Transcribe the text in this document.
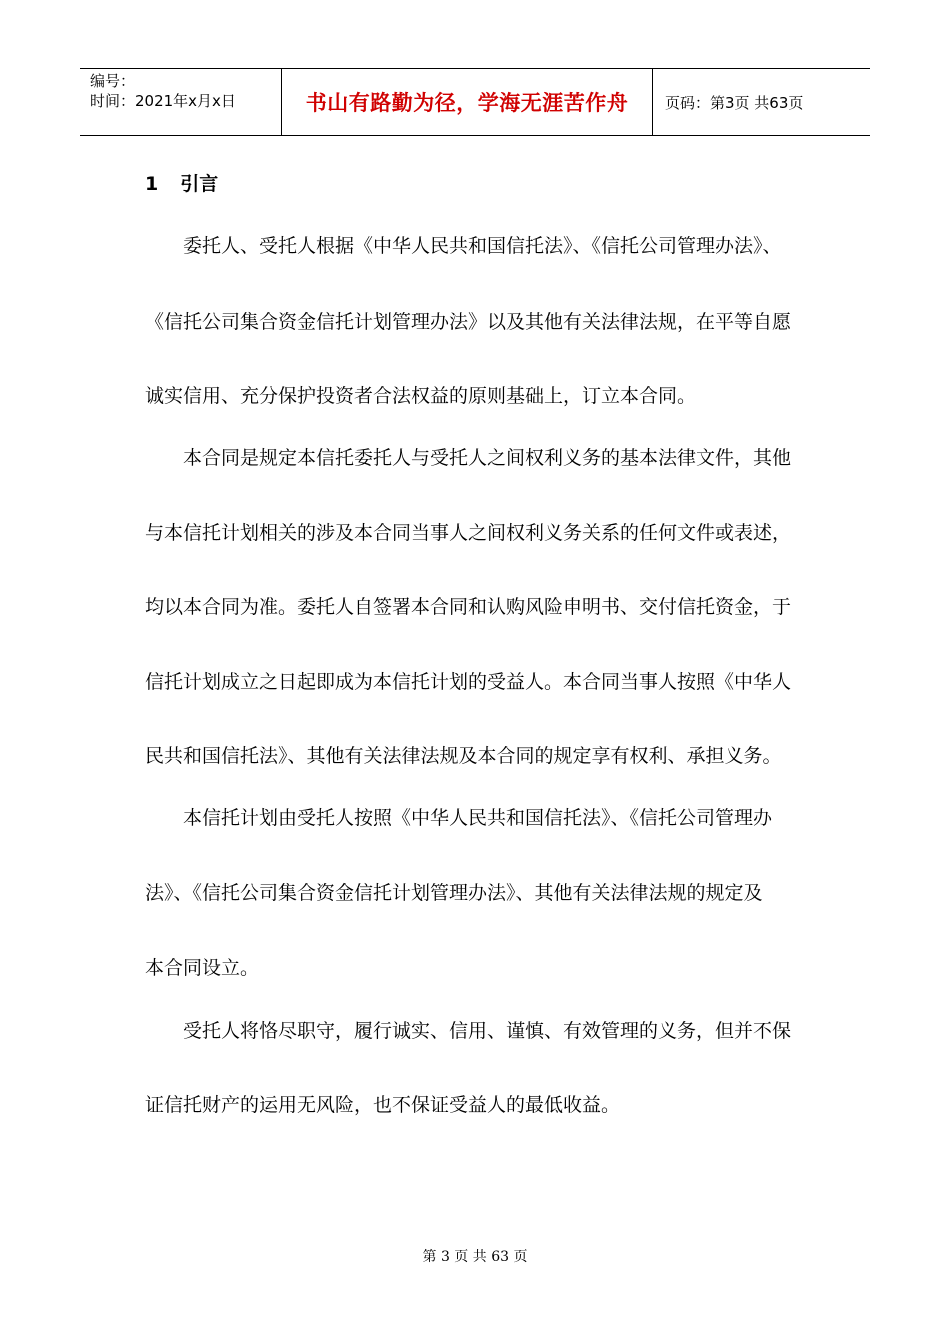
编号：
时间：2021年x月x日	书山有路勤为径，学海无涯苦作舟	页码：第3页 共63页
1 引言
委托人、受托人根据《中华人民共和国信托法》、《信托公司管理办法》、
《信托公司集合资金信托计划管理办法》以及其他有关法律法规，在平等自愿
诚实信用、充分保护投资者合法权益的原则基础上，订立本合同。
本合同是规定本信托委托人与受托人之间权利义务的基本法律文件，其他
与本信托计划相关的涉及本合同当事人之间权利义务关系的任何文件或表述，
均以本合同为准。委托人自签署本合同和认购风险申明书、交付信托资金，于
信托计划成立之日起即成为本信托计划的受益人。本合同当事人按照《中华人
民共和国信托法》、其他有关法律法规及本合同的规定享有权利、承担义务。
本信托计划由受托人按照《中华人民共和国信托法》、《信托公司管理办
法》、《信托公司集合资金信托计划管理办法》、其他有关法律法规的规定及
本合同设立。
受托人将恪尽职守，履行诚实、信用、谨慎、有效管理的义务，但并不保
证信托财产的运用无风险，也不保证受益人的最低收益。
第 3 页 共 63 页
